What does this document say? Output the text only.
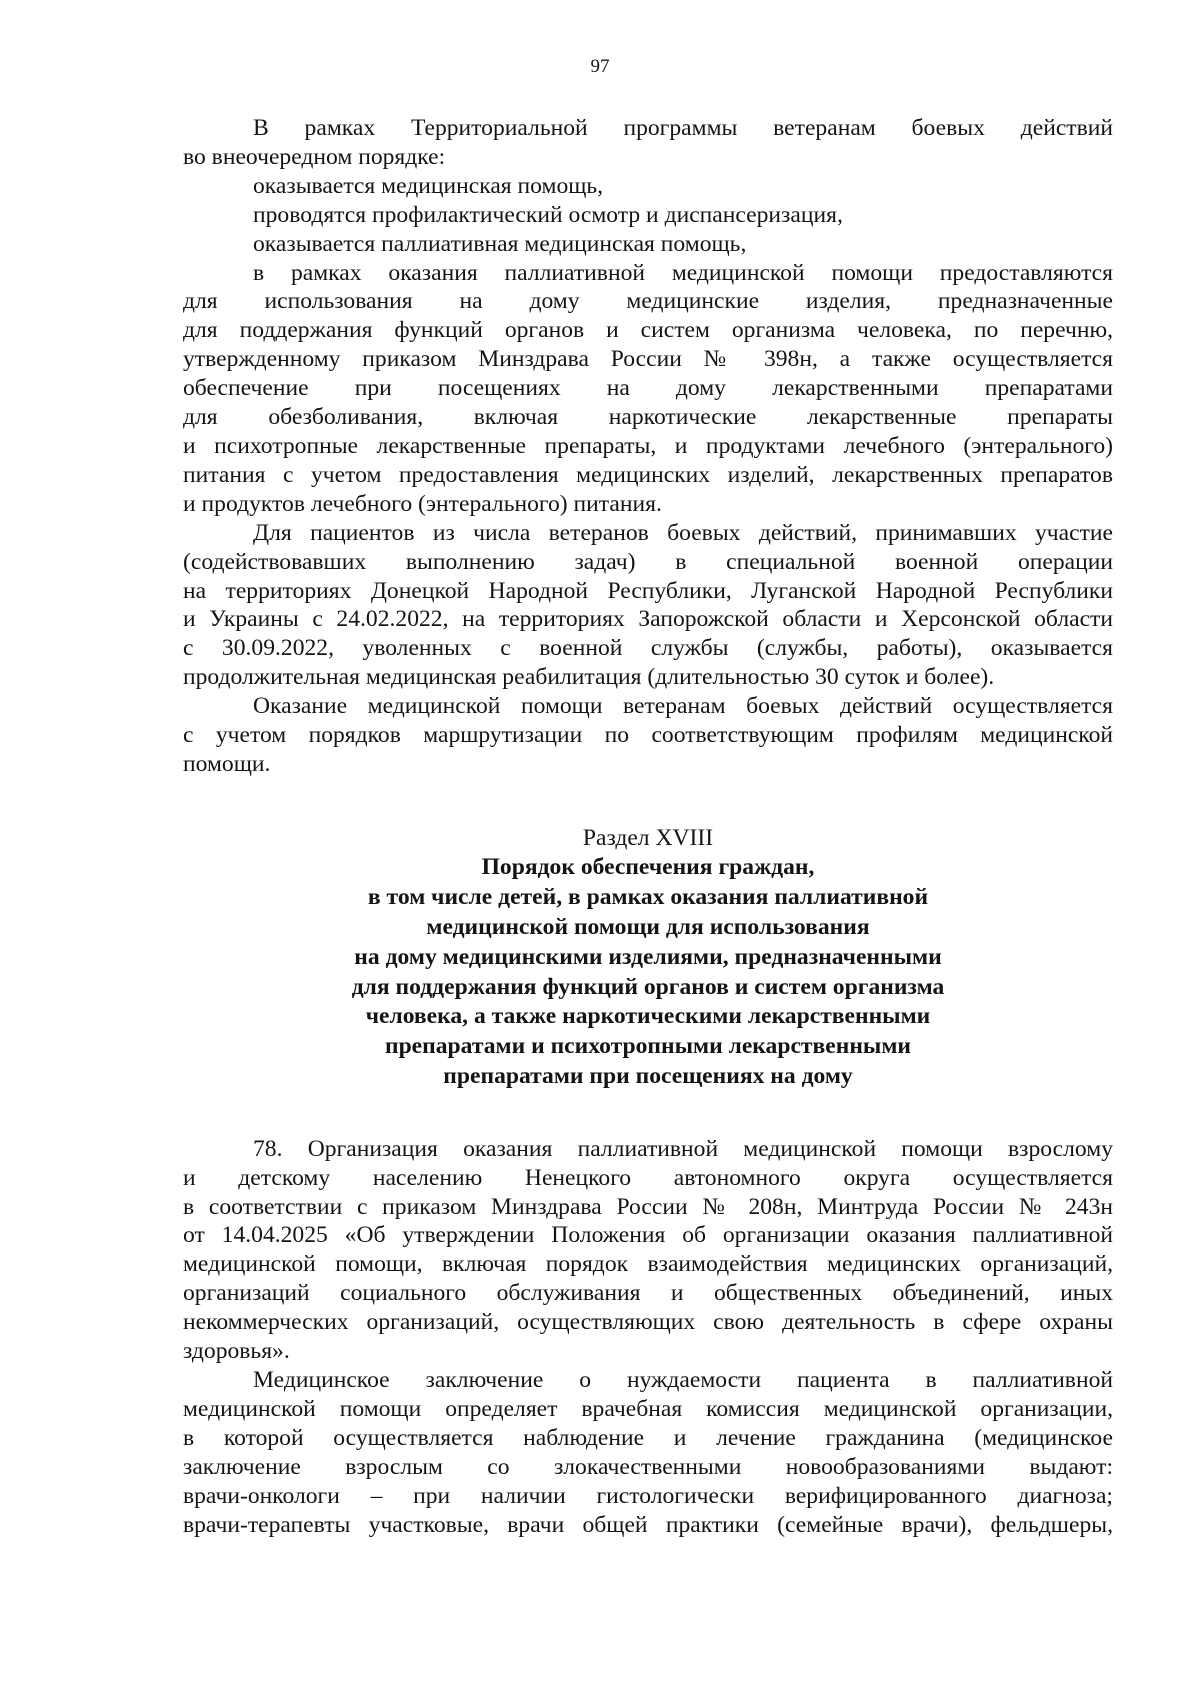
97
В рамках Территориальной программы ветеранам боевых действий
во внеочередном порядке:
оказывается медицинская помощь,
проводятся профилактический осмотр и диспансеризация,
оказывается паллиативная медицинская помощь,
в рамках оказания паллиативной медицинской помощи предоставляются
для использования на дому медицинские изделия, предназначенные
для поддержания функций органов и систем организма человека, по перечню,
утвержденному приказом Минздрава России № 398н, а также осуществляется
обеспечение при посещениях на дому лекарственными препаратами
для обезболивания, включая наркотические лекарственные препараты
и психотропные лекарственные препараты, и продуктами лечебного (энтерального)
питания с учетом предоставления медицинских изделий, лекарственных препаратов
и продуктов лечебного (энтерального) питания.
Для пациентов из числа ветеранов боевых действий, принимавших участие
(содействовавших выполнению задач) в специальной военной операции
на территориях Донецкой Народной Республики, Луганской Народной Республики
и Украины с 24.02.2022, на территориях Запорожской области и Херсонской области
с 30.09.2022, уволенных с военной службы (службы, работы), оказывается
продолжительная медицинская реабилитация (длительностью 30 суток и более).
Оказание медицинской помощи ветеранам боевых действий осуществляется
с учетом порядков маршрутизации по соответствующим профилям медицинской
помощи.

Раздел XVIII

Порядок обеспечения граждан,
в том числе детей, в рамках оказания паллиативной
медицинской помощи для использования
на дому медицинскими изделиями, предназначенными
для поддержания функций органов и систем организма
человека, а также наркотическими лекарственными
препаратами и психотропными лекарственными
препаратами при посещениях на дому
78. Организация оказания паллиативной медицинской помощи взрослому
и детскому населению Ненецкого автономного округа осуществляется
в соответствии с приказом Минздрава России № 208н, Минтруда России № 243н
от 14.04.2025 «Об утверждении Положения об организации оказания паллиативной
медицинской помощи, включая порядок взаимодействия медицинских организаций,
организаций социального обслуживания и общественных объединений, иных
некоммерческих организаций, осуществляющих свою деятельность в сфере охраны
здоровья».
Медицинское заключение о нуждаемости пациента в паллиативной
медицинской помощи определяет врачебная комиссия медицинской организации,
в которой осуществляется наблюдение и лечение гражданина (медицинское
заключение взрослым со злокачественными новообразованиями выдают:
врачи-онкологи – при наличии гистологически верифицированного диагноза;
врачи-терапевты участковые, врачи общей практики (семейные врачи), фельдшеры,
